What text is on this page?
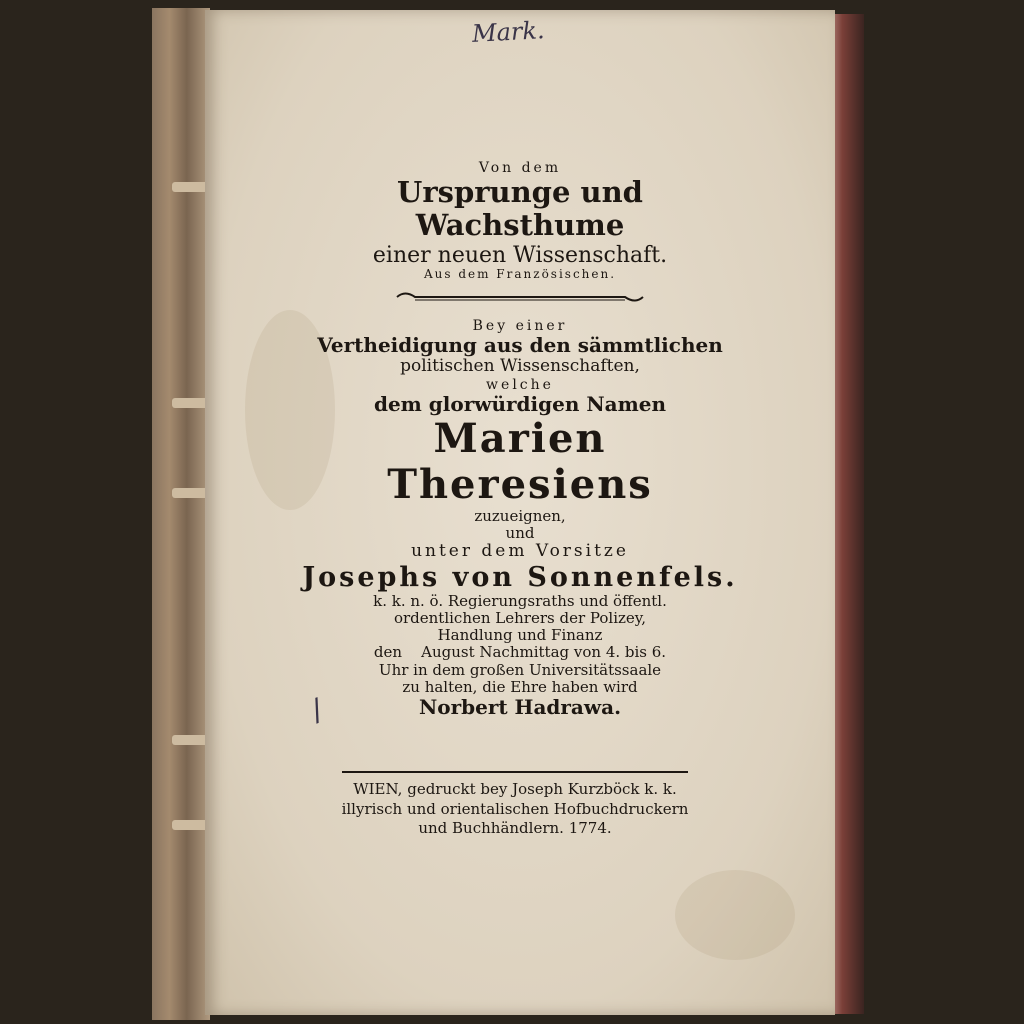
Mark.
Von dem
Ursprunge und Wachsthume
einer neuen Wissenschaft.
Aus dem Französischen.
Bey einer
Vertheidigung aus den sämmtlichen
politischen Wissenschaften,
welche
dem glorwürdigen Namen
Marien Theresiens
zuzueignen,
und
unter dem Vorsitze
Josephs von Sonnenfels.
k. k. n. ö. Regierungsraths und öffentl.
ordentlichen Lehrers der Polizey,
Handlung und Finanz
den    August Nachmittag von 4. bis 6.
Uhr in dem großen Universitätssaale
zu halten, die Ehre haben wird
Norbert Hadrawa.
/
WIEN, gedruckt bey Joseph Kurzböck k. k.
illyrisch und orientalischen Hofbuchdruckern
und Buchhändlern. 1774.
